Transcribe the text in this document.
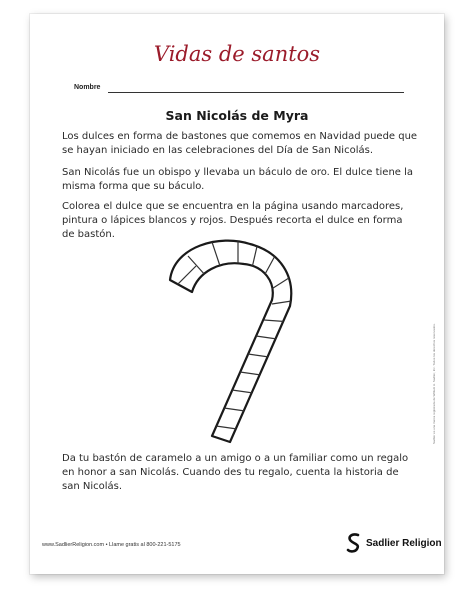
Vidas de santos
Nombre
San Nicolás de Myra
Los dulces en forma de bastones que comemos en Navidad puede que se hayan iniciado en las celebraciones del Día de San Nicolás.
San Nicolás fue un obispo y llevaba un báculo de oro. El dulce tiene la misma forma que su báculo.
Colorea el dulce que se encuentra en la página usando marcadores, pintura o lápices blancos y rojos. Después recorta el dulce en forma de bastón.
Da tu bastón de caramelo a un amigo o a un familiar como un regalo en honor a san Nicolás. Cuando des tu regalo, cuenta la historia de san Nicolás.
Sadlier es una marca registrada de William H. Sadlier, Inc. Todos los derechos reservados.
www.SadlierReligion.com • Llame gratis al 800-221-5175	Sadlier Religion
